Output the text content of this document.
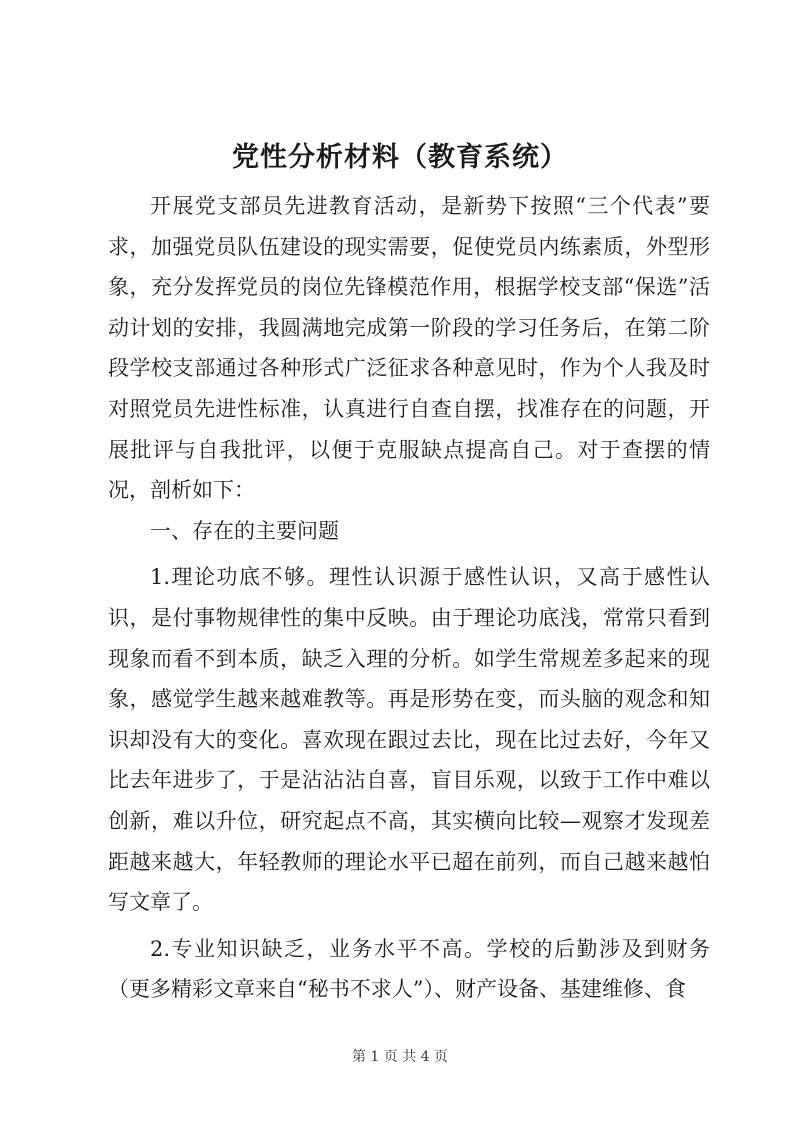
党性分析材料（教育系统）

开展党支部员先进教育活动，是新势下按照“三个代表”要求，加强党员队伍建设的现实需要，促使党员内练素质，外型形象，充分发挥党员的岗位先锋模范作用，根据学校支部“保选”活动计划的安排，我圆满地完成第一阶段的学习任务后，在第二阶段学校支部通过各种形式广泛征求各种意见时，作为个人我及时对照党员先进性标准，认真进行自查自摆，找准存在的问题，开展批评与自我批评，以便于克服缺点提高自己。对于查摆的情况，剖析如下：

一、存在的主要问题

1.理论功底不够。理性认识源于感性认识，又高于感性认识，是付事物规律性的集中反映。由于理论功底浅，常常只看到现象而看不到本质，缺乏入理的分析。如学生常规差多起来的现象，感觉学生越来越难教等。再是形势在变，而头脑的观念和知识却没有大的变化。喜欢现在跟过去比，现在比过去好，今年又比去年进步了，于是沾沾沾自喜，盲目乐观，以致于工作中难以创新，难以升位，研究起点不高，其实横向比较—观察才发现差距越来越大，年轻教师的理论水平已超在前列，而自己越来越怕写文章了。

2.专业知识缺乏，业务水平不高。学校的后勤涉及到财务（更多精彩文章来自“秘书不求人”）、财产设备、基建维修、食

第 1 页 共 4 页
